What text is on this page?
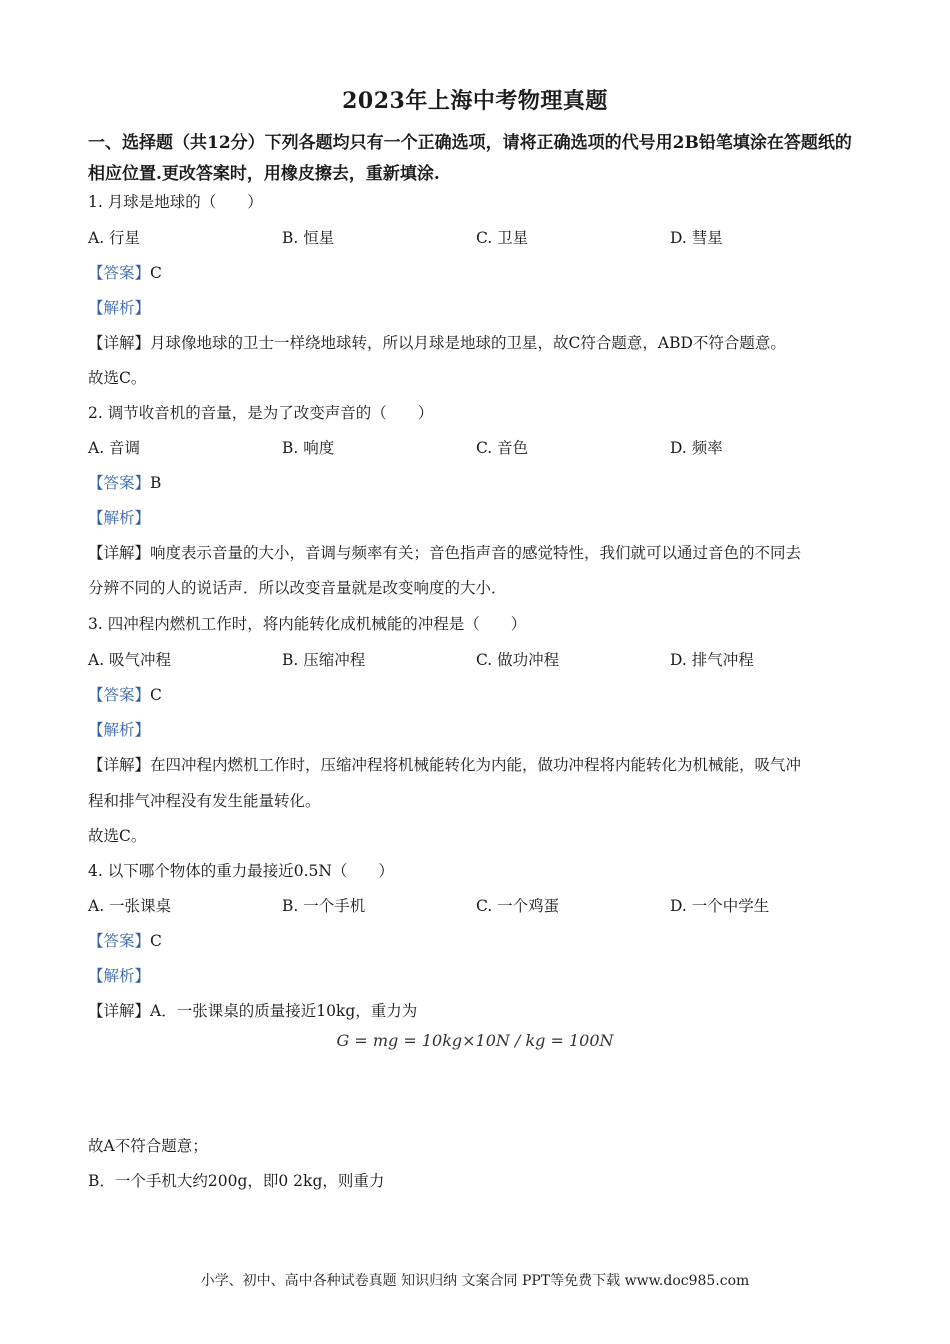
2023年上海中考物理真题
一、选择题（共12分）下列各题均只有一个正确选项，请将正确选项的代号用2B铅笔填涂在答题纸的相应位置.更改答案时，用橡皮擦去，重新填涂.
1. 月球是地球的（　　）
A. 行星	B. 恒星	C. 卫星	D. 彗星
【答案】C
【解析】
【详解】月球像地球的卫士一样绕地球转，所以月球是地球的卫星，故C符合题意，ABD不符合题意。
故选C。
2. 调节收音机的音量，是为了改变声音的（　　）
A. 音调	B. 响度	C. 音色	D. 频率
【答案】B
【解析】
【详解】响度表示音量的大小，音调与频率有关；音色指声音的感觉特性，我们就可以通过音色的不同去
分辨不同的人的说话声．所以改变音量就是改变响度的大小．
3. 四冲程内燃机工作时，将内能转化成机械能的冲程是（　　）
A. 吸气冲程	B. 压缩冲程	C. 做功冲程	D. 排气冲程
【答案】C
【解析】
【详解】在四冲程内燃机工作时，压缩冲程将机械能转化为内能，做功冲程将内能转化为机械能，吸气冲
程和排气冲程没有发生能量转化。
故选C。
4. 以下哪个物体的重力最接近0.5N（　　）
A. 一张课桌	B. 一个手机	C. 一个鸡蛋	D. 一个中学生
【答案】C
【解析】
【详解】A．一张课桌的质量接近10kg，重力为
G = mg = 10kg×10N / kg = 100N
故A不符合题意；
B．一个手机大约200g，即0 2kg，则重力
小学、初中、高中各种试卷真题 知识归纳 文案合同 PPT等免费下载 www.doc985.com
